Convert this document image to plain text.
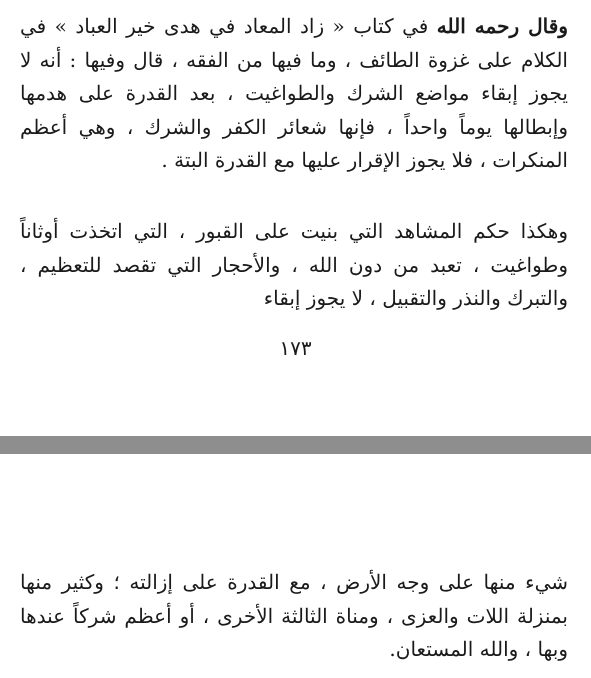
وقال رحمه الله في كتاب « زاد المعاد في هدى خير العباد » في الكلام على غزوة الطائف ، وما فيها من الفقه ، قال وفيها : أنه لا يجوز إبقاء مواضع الشرك والطواغيت ، بعد القدرة على هدمها وإبطالها يوماً واحداً ، فإنها شعائر الكفر والشرك ، وهي أعظم المنكرات ، فلا يجوز الإقرار عليها مع القدرة البتة .

وهكذا حكم المشاهد التي بنيت على القبور ، التي اتخذت أوثاناً وطواغيت ، تعبد من دون الله ، والأحجار التي تقصد للتعظيم ، والتبرك والنذر والتقبيل ، لا يجوز إبقاء

١٧٣

شيء منها على وجه الأرض ، مع القدرة على إزالته ؛ وكثير منها بمنزلة اللات والعزى ، ومناة الثالثة الأخرى ، أو أعظم شركاً عندها وبها ، والله المستعان.
